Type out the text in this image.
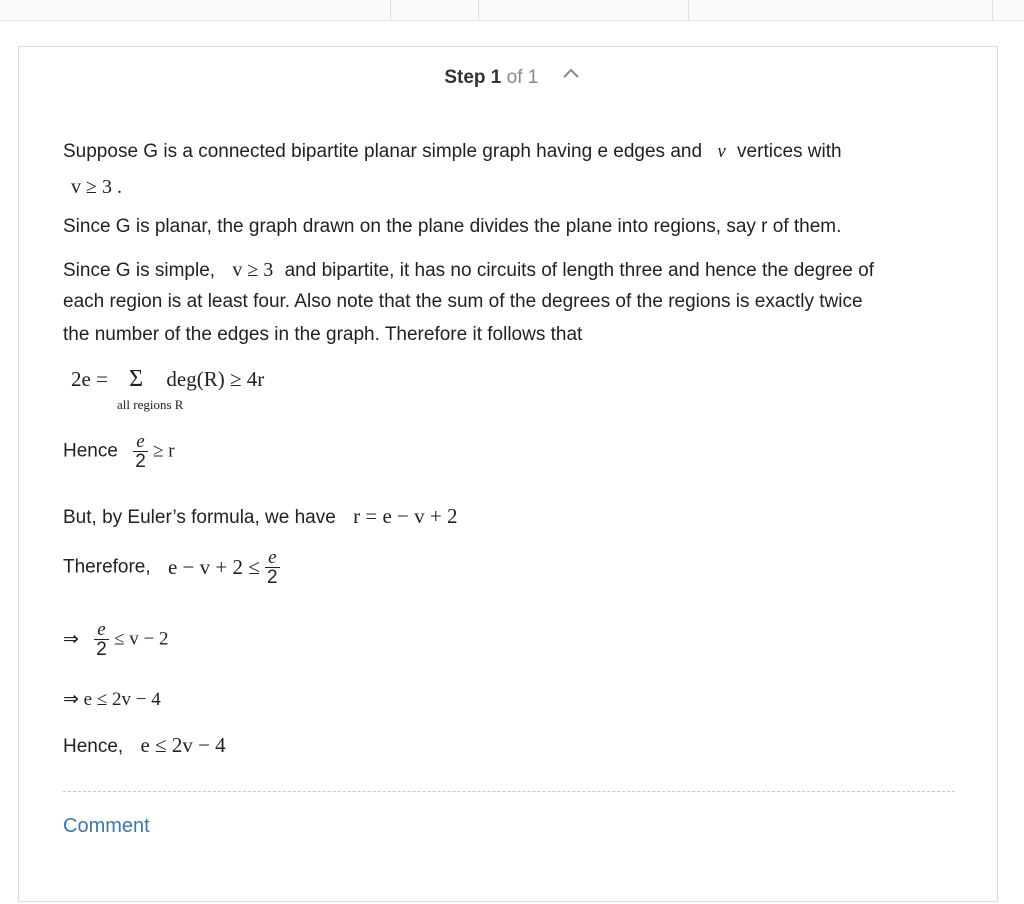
Step 1 of 1
Suppose G is a connected bipartite planar simple graph having e edges and v vertices with
v ≥ 3 .
Since G is planar, the graph drawn on the plane divides the plane into regions, say r of them.
Since G is simple, v ≥ 3 and bipartite, it has no circuits of length three and hence the degree of
each region is at least four. Also note that the sum of the degrees of the regions is exactly twice
the number of the edges in the graph. Therefore it follows that
2e = Σ deg(R) ≥ 4r
all regions R
Hence $\frac{e}{2} \ge r$
But, by Euler’s formula, we have r = e − v + 2
Therefore, $e - v + 2 \le \frac{e}{2}$
⇒ $\frac{e}{2} \le v - 2$
⇒ e ≤ 2v − 4
Hence, e ≤ 2v − 4
Comment
